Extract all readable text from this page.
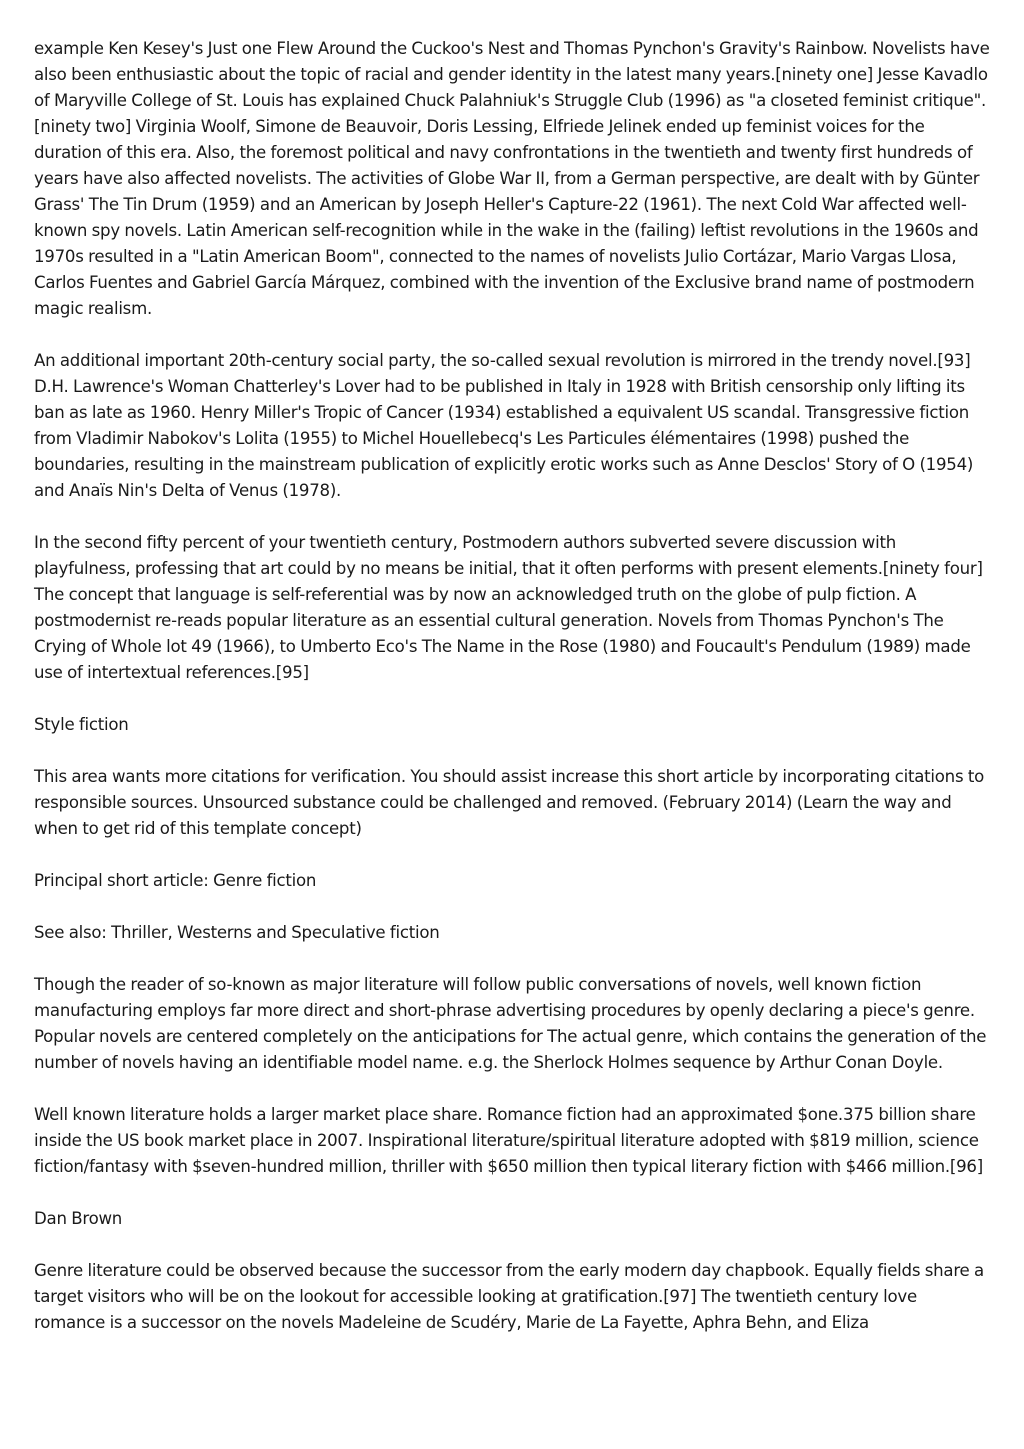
example Ken Kesey's Just one Flew Around the Cuckoo's Nest and Thomas Pynchon's Gravity's Rainbow. Novelists have also been enthusiastic about the topic of racial and gender identity in the latest many years.[ninety one] Jesse Kavadlo of Maryville College of St. Louis has explained Chuck Palahniuk's Struggle Club (1996) as "a closeted feminist critique".[ninety two] Virginia Woolf, Simone de Beauvoir, Doris Lessing, Elfriede Jelinek ended up feminist voices for the duration of this era. Also, the foremost political and navy confrontations in the twentieth and twenty first hundreds of years have also affected novelists. The activities of Globe War II, from a German perspective, are dealt with by Günter Grass' The Tin Drum (1959) and an American by Joseph Heller's Capture-22 (1961). The next Cold War affected well-known spy novels. Latin American self-recognition while in the wake in the (failing) leftist revolutions in the 1960s and 1970s resulted in a "Latin American Boom", connected to the names of novelists Julio Cortázar, Mario Vargas Llosa, Carlos Fuentes and Gabriel García Márquez, combined with the invention of the Exclusive brand name of postmodern magic realism.

An additional important 20th-century social party, the so-called sexual revolution is mirrored in the trendy novel.[93] D.H. Lawrence's Woman Chatterley's Lover had to be published in Italy in 1928 with British censorship only lifting its ban as late as 1960. Henry Miller's Tropic of Cancer (1934) established a equivalent US scandal. Transgressive fiction from Vladimir Nabokov's Lolita (1955) to Michel Houellebecq's Les Particules élémentaires (1998) pushed the boundaries, resulting in the mainstream publication of explicitly erotic works such as Anne Desclos' Story of O (1954) and Anaïs Nin's Delta of Venus (1978).

In the second fifty percent of your twentieth century, Postmodern authors subverted severe discussion with playfulness, professing that art could by no means be initial, that it often performs with present elements.[ninety four] The concept that language is self-referential was by now an acknowledged truth on the globe of pulp fiction. A postmodernist re-reads popular literature as an essential cultural generation. Novels from Thomas Pynchon's The Crying of Whole lot 49 (1966), to Umberto Eco's The Name in the Rose (1980) and Foucault's Pendulum (1989) made use of intertextual references.[95]

Style fiction

This area wants more citations for verification. You should assist increase this short article by incorporating citations to responsible sources. Unsourced substance could be challenged and removed. (February 2014) (Learn the way and when to get rid of this template concept)

Principal short article: Genre fiction

See also: Thriller, Westerns and Speculative fiction

Though the reader of so-known as major literature will follow public conversations of novels, well known fiction manufacturing employs far more direct and short-phrase advertising procedures by openly declaring a piece's genre. Popular novels are centered completely on the anticipations for The actual genre, which contains the generation of the number of novels having an identifiable model name. e.g. the Sherlock Holmes sequence by Arthur Conan Doyle.

Well known literature holds a larger market place share. Romance fiction had an approximated $one.375 billion share inside the US book market place in 2007. Inspirational literature/spiritual literature adopted with $819 million, science fiction/fantasy with $seven-hundred million, thriller with $650 million then typical literary fiction with $466 million.[96]

Dan Brown

Genre literature could be observed because the successor from the early modern day chapbook. Equally fields share a target visitors who will be on the lookout for accessible looking at gratification.[97] The twentieth century love romance is a successor on the novels Madeleine de Scudéry, Marie de La Fayette, Aphra Behn, and Eliza
